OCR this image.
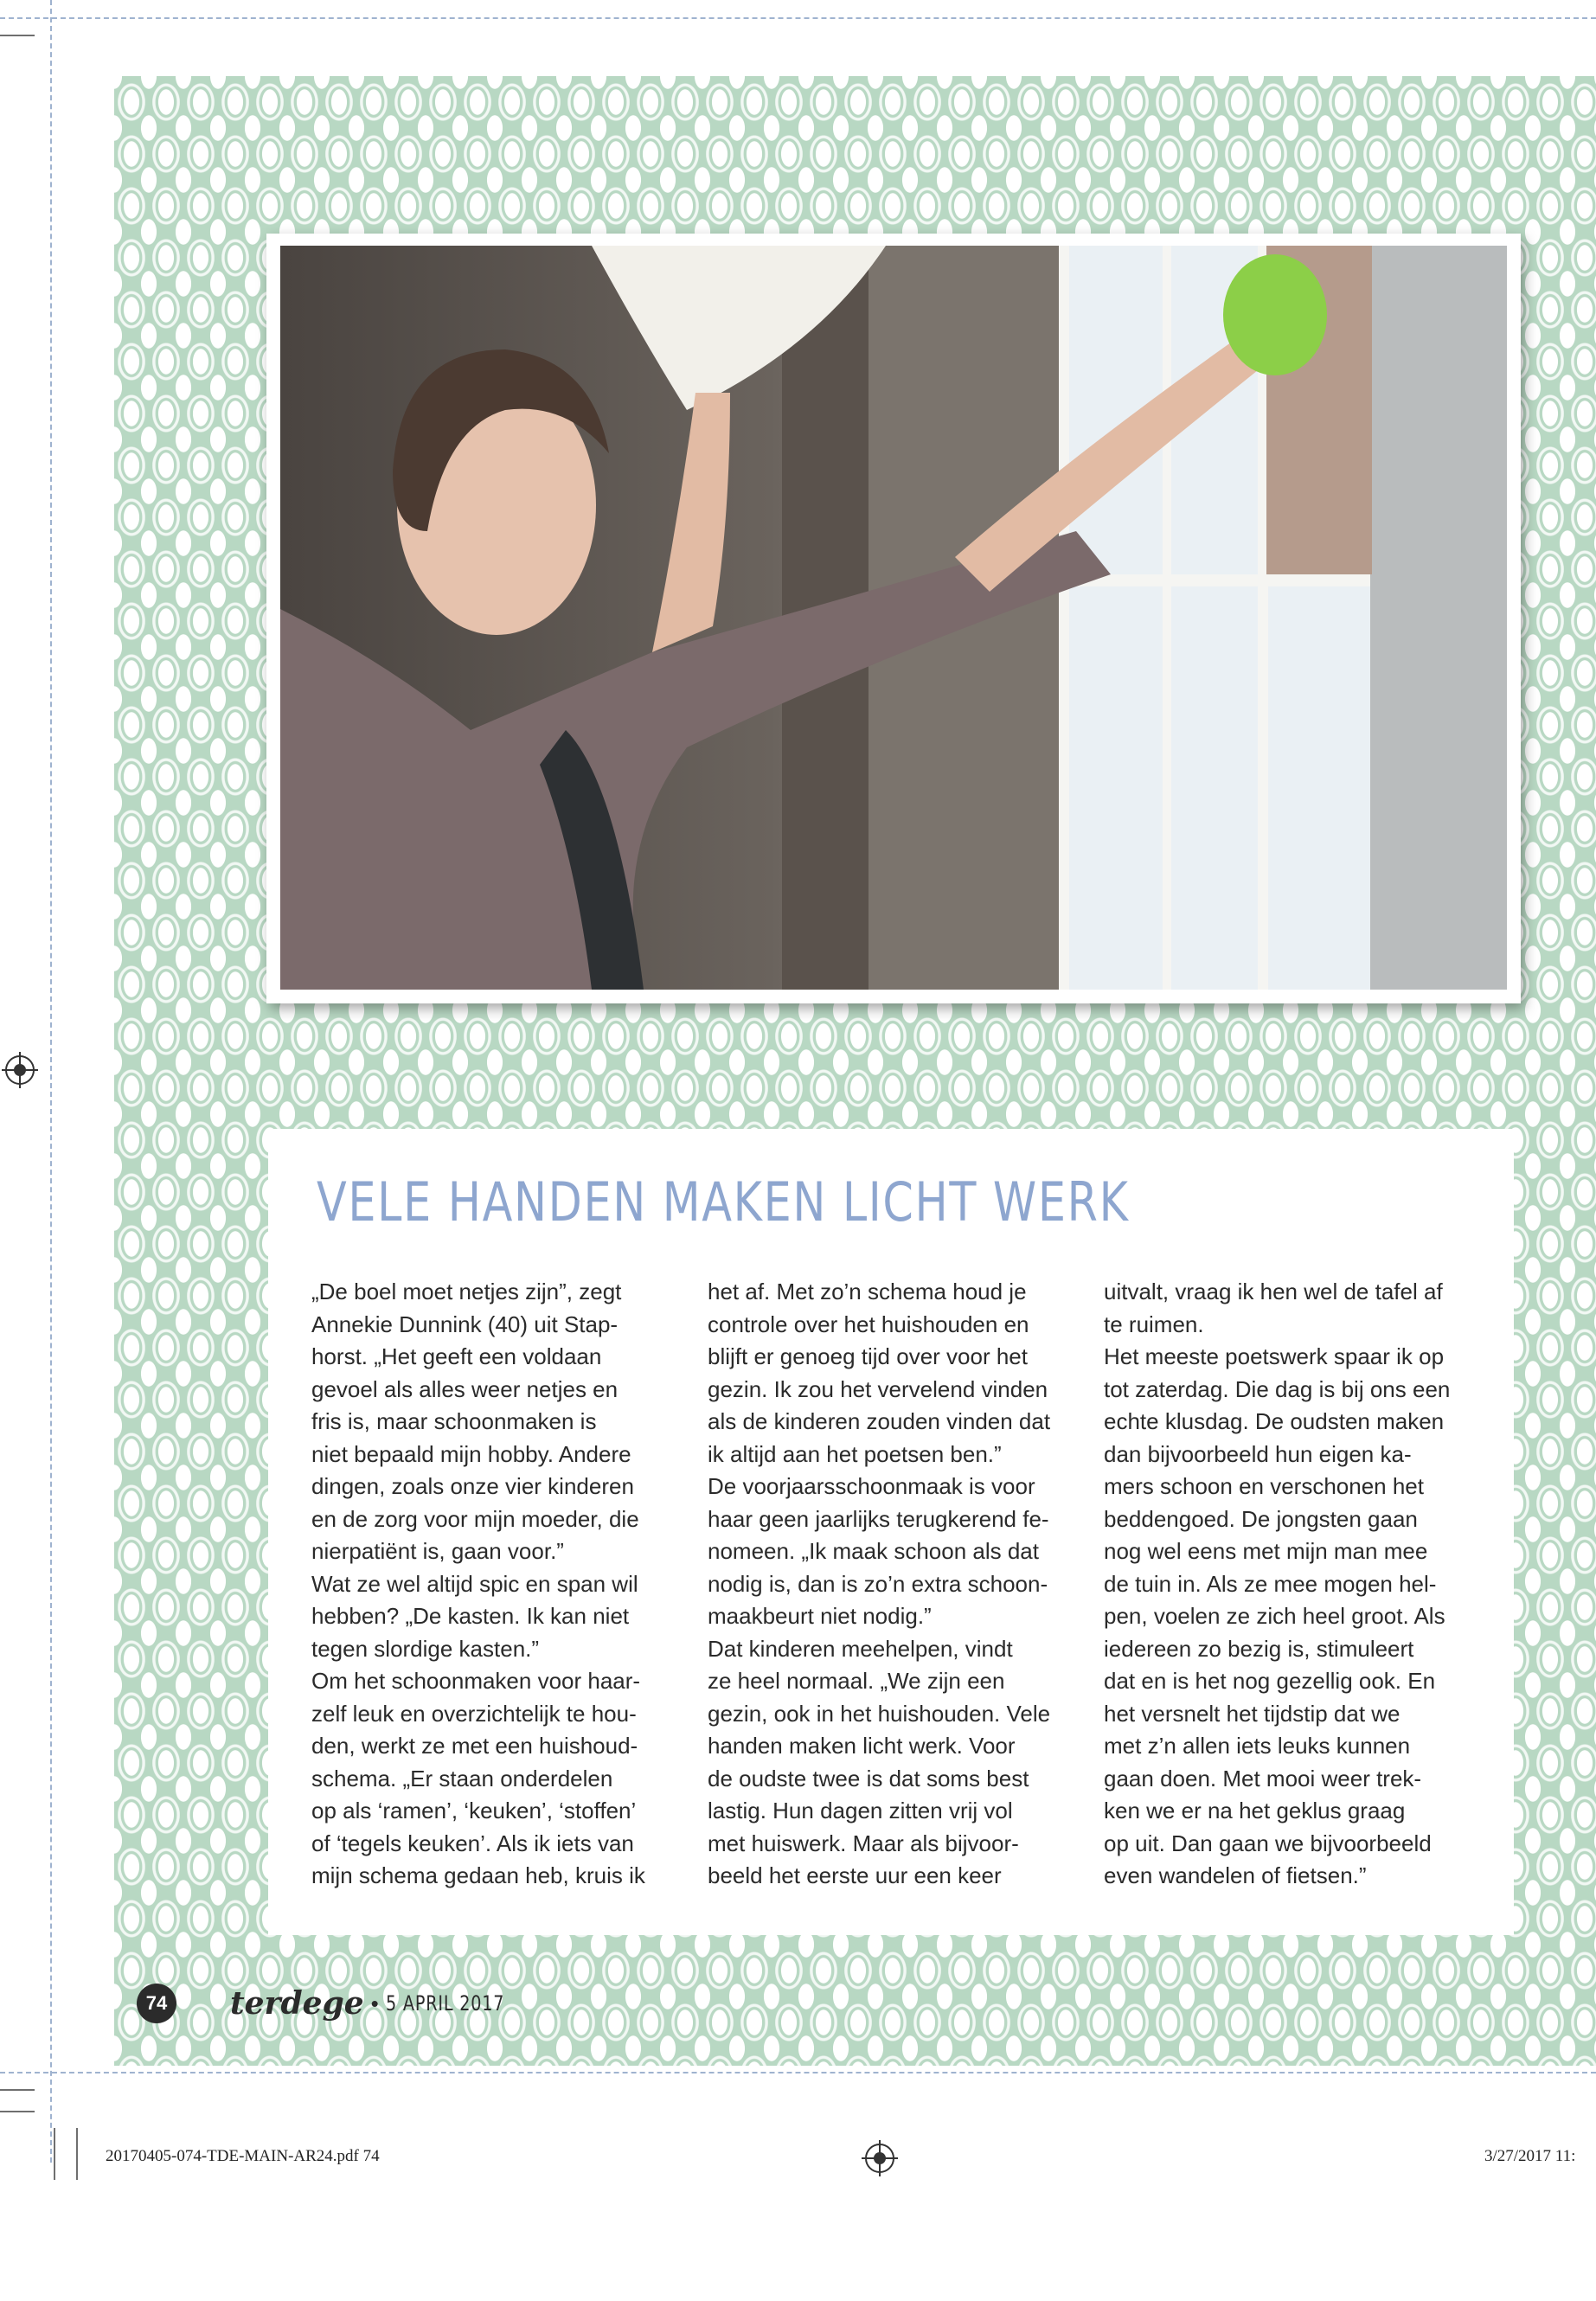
VELE HANDEN MAKEN LICHT WERK

„De boel moet netjes zijn”, zegt
Annekie Dunnink (40) uit Stap-
horst. „Het geeft een voldaan
gevoel als alles weer netjes en
fris is, maar schoonmaken is
niet bepaald mijn hobby. Andere
dingen, zoals onze vier kinderen
en de zorg voor mijn moeder, die
nierpatiënt is, gaan voor.”
Wat ze wel altijd spic en span wil
hebben? „De kasten. Ik kan niet
tegen slordige kasten.”
Om het schoonmaken voor haar-
zelf leuk en overzichtelijk te hou-
den, werkt ze met een huishoud-
schema. „Er staan onderdelen
op als ‘ramen’, ‘keuken’, ‘stoffen’
of ‘tegels keuken’. Als ik iets van
mijn schema gedaan heb, kruis ik

het af. Met zo’n schema houd je
controle over het huishouden en
blijft er genoeg tijd over voor het
gezin. Ik zou het vervelend vinden
als de kinderen zouden vinden dat
ik altijd aan het poetsen ben.”
De voorjaarsschoonmaak is voor
haar geen jaarlijks terugkerend fe-
nomeen. „Ik maak schoon als dat
nodig is, dan is zo’n extra schoon-
maakbeurt niet nodig.”
Dat kinderen meehelpen, vindt
ze heel normaal. „We zijn een
gezin, ook in het huishouden. Vele
handen maken licht werk. Voor
de oudste twee is dat soms best
lastig. Hun dagen zitten vrij vol
met huiswerk. Maar als bijvoor-
beeld het eerste uur een keer

uitvalt, vraag ik hen wel de tafel af
te ruimen.
Het meeste poetswerk spaar ik op
tot zaterdag. Die dag is bij ons een
echte klusdag. De oudsten maken
dan bijvoorbeeld hun eigen ka-
mers schoon en verschonen het
beddengoed. De jongsten gaan
nog wel eens met mijn man mee
de tuin in. Als ze mee mogen hel-
pen, voelen ze zich heel groot. Als
iedereen zo bezig is, stimuleert
dat en is het nog gezellig ook. En
het versnelt het tijdstip dat we
met z’n allen iets leuks kunnen
gaan doen. Met mooi weer trek-
ken we er na het geklus graag
op uit. Dan gaan we bijvoorbeeld
even wandelen of fietsen.”

74 terdege • 5 APRIL 2017
20170405-074-TDE-MAIN-AR24.pdf 74	3/27/2017 11:
